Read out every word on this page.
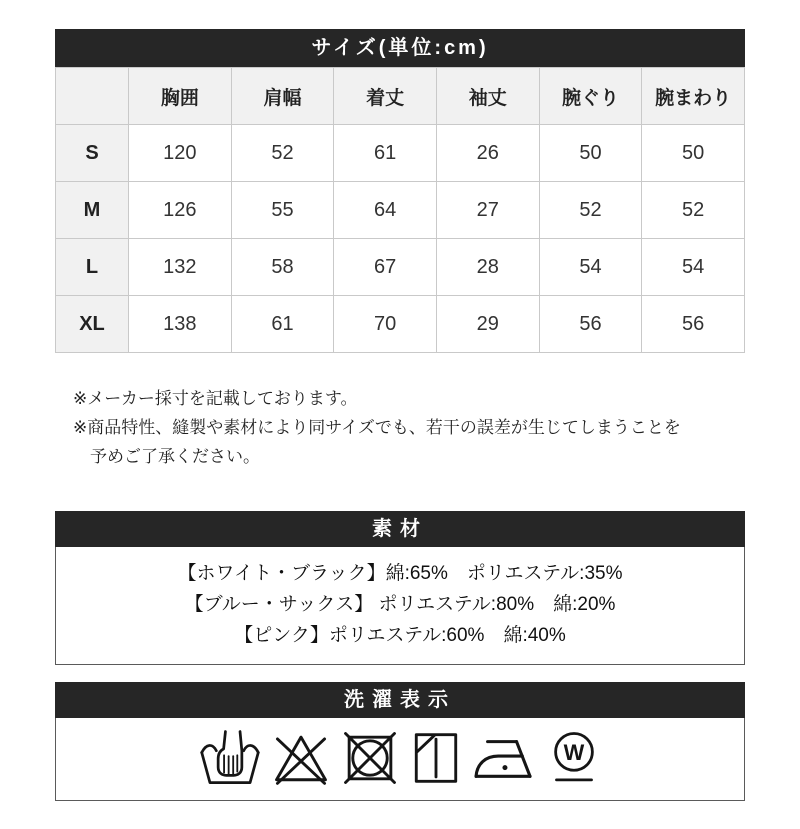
サイズ(単位:cm)
	胸囲	肩幅	着丈	袖丈	腕ぐり	腕まわり
S	120	52	61	26	50	50
M	126	55	64	27	52	52
L	132	58	67	28	54	54
XL	138	61	70	29	56	56

※メーカー採寸を記載しております。

※商品特性、縫製や素材により同サイズでも、若干の誤差が生じてしまうことを

予めご了承ください。

素材

【ホワイト・ブラック】綿:65%　ポリエステル:35%

【ブルー・サックス】 ポリエステル:80%　綿:20%

【ピンク】ポリエステル:60%　綿:40%

洗濯表示
W
